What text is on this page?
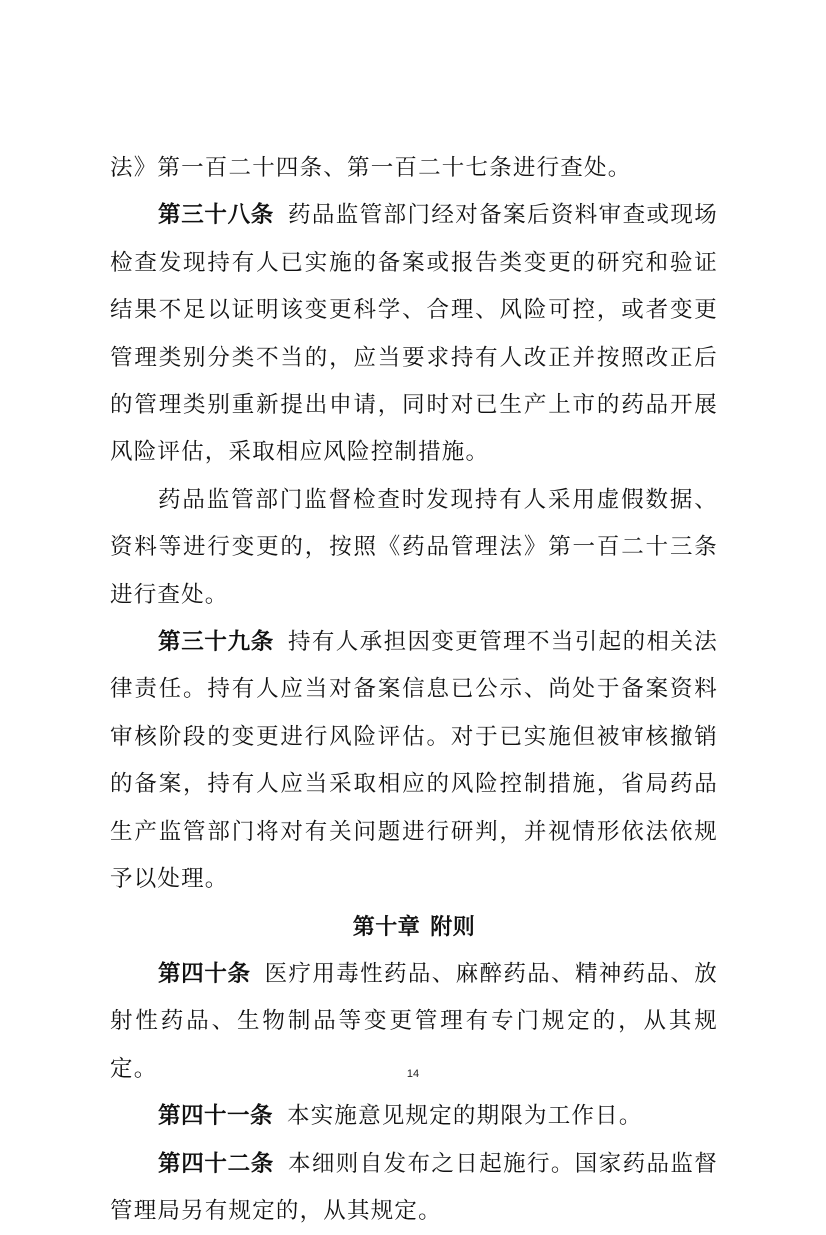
法》第一百二十四条、第一百二十七条进行查处。

第三十八条 药品监管部门经对备案后资料审查或现场检查发现持有人已实施的备案或报告类变更的研究和验证结果不足以证明该变更科学、合理、风险可控，或者变更管理类别分类不当的，应当要求持有人改正并按照改正后的管理类别重新提出申请，同时对已生产上市的药品开展风险评估，采取相应风险控制措施。

药品监管部门监督检查时发现持有人采用虚假数据、资料等进行变更的，按照《药品管理法》第一百二十三条进行查处。

第三十九条 持有人承担因变更管理不当引起的相关法律责任。持有人应当对备案信息已公示、尚处于备案资料审核阶段的变更进行风险评估。对于已实施但被审核撤销的备案，持有人应当采取相应的风险控制措施，省局药品生产监管部门将对有关问题进行研判，并视情形依法依规予以处理。

第十章 附则

第四十条 医疗用毒性药品、麻醉药品、精神药品、放射性药品、生物制品等变更管理有专门规定的，从其规定。

第四十一条 本实施意见规定的期限为工作日。

第四十二条 本细则自发布之日起施行。国家药品监督管理局另有规定的，从其规定。

14
